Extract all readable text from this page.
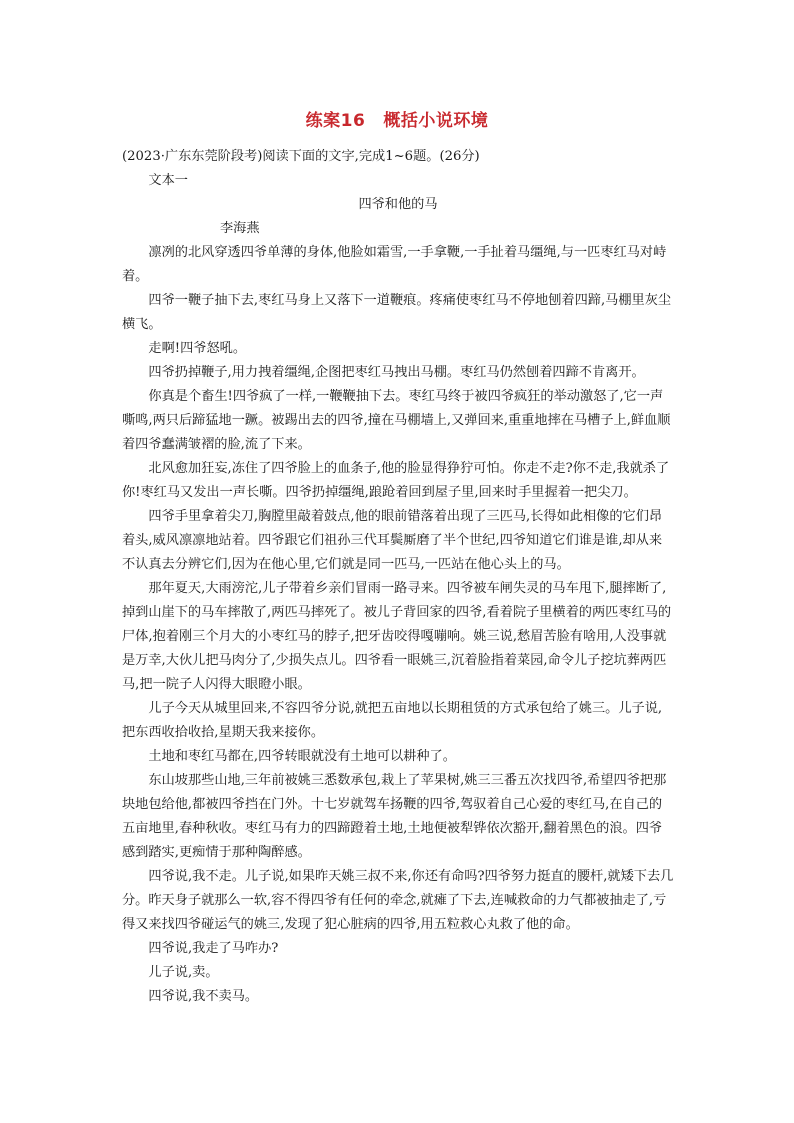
练案16 概括小说环境

(2023·广东东莞阶段考)阅读下面的文字,完成1~6题。(26分)

文本一

四爷和他的马

李海燕

凛冽的北风穿透四爷单薄的身体,他脸如霜雪,一手拿鞭,一手扯着马缰绳,与一匹枣红马对峙着。

四爷一鞭子抽下去,枣红马身上又落下一道鞭痕。疼痛使枣红马不停地刨着四蹄,马棚里灰尘横飞。

走啊!四爷怒吼。

四爷扔掉鞭子,用力拽着缰绳,企图把枣红马拽出马棚。枣红马仍然刨着四蹄不肯离开。

你真是个畜生!四爷疯了一样,一鞭鞭抽下去。枣红马终于被四爷疯狂的举动激怒了,它一声嘶鸣,两只后蹄猛地一蹶。被踢出去的四爷,撞在马棚墙上,又弹回来,重重地摔在马槽子上,鲜血顺着四爷蠢满皱褶的脸,流了下来。

北风愈加狂妄,冻住了四爷脸上的血条子,他的脸显得狰狞可怕。你走不走?你不走,我就杀了你!枣红马又发出一声长嘶。四爷扔掉缰绳,踉跄着回到屋子里,回来时手里握着一把尖刀。

四爷手里拿着尖刀,胸膛里敲着鼓点,他的眼前错落着出现了三匹马,长得如此相像的它们昂着头,威风凛凛地站着。四爷跟它们祖孙三代耳鬓厮磨了半个世纪,四爷知道它们谁是谁,却从来不认真去分辨它们,因为在他心里,它们就是同一匹马,一匹站在他心头上的马。

那年夏天,大雨滂沱,儿子带着乡亲们冒雨一路寻来。四爷被车闸失灵的马车甩下,腿摔断了,掉到山崖下的马车摔散了,两匹马摔死了。被儿子背回家的四爷,看着院子里横着的两匹枣红马的尸体,抱着刚三个月大的小枣红马的脖子,把牙齿咬得嘎嘣响。姚三说,愁眉苦脸有啥用,人没事就是万幸,大伙儿把马肉分了,少损失点儿。四爷看一眼姚三,沉着脸指着菜园,命令儿子挖坑葬两匹马,把一院子人闪得大眼瞪小眼。

儿子今天从城里回来,不容四爷分说,就把五亩地以长期租赁的方式承包给了姚三。儿子说,把东西收拾收拾,星期天我来接你。

土地和枣红马都在,四爷转眼就没有土地可以耕种了。

东山坡那些山地,三年前被姚三悉数承包,栽上了苹果树,姚三三番五次找四爷,希望四爷把那块地包给他,都被四爷挡在门外。十七岁就驾车扬鞭的四爷,驾驭着自己心爱的枣红马,在自己的五亩地里,春种秋收。枣红马有力的四蹄蹬着土地,土地便被犁铧依次豁开,翻着黑色的浪。四爷感到踏实,更痴情于那种陶醉感。

四爷说,我不走。儿子说,如果昨天姚三叔不来,你还有命吗?四爷努力挺直的腰杆,就矮下去几分。昨天身子就那么一软,容不得四爷有任何的牵念,就瘫了下去,连喊救命的力气都被抽走了,亏得又来找四爷碰运气的姚三,发现了犯心脏病的四爷,用五粒救心丸救了他的命。

四爷说,我走了马咋办?

儿子说,卖。

四爷说,我不卖马。
